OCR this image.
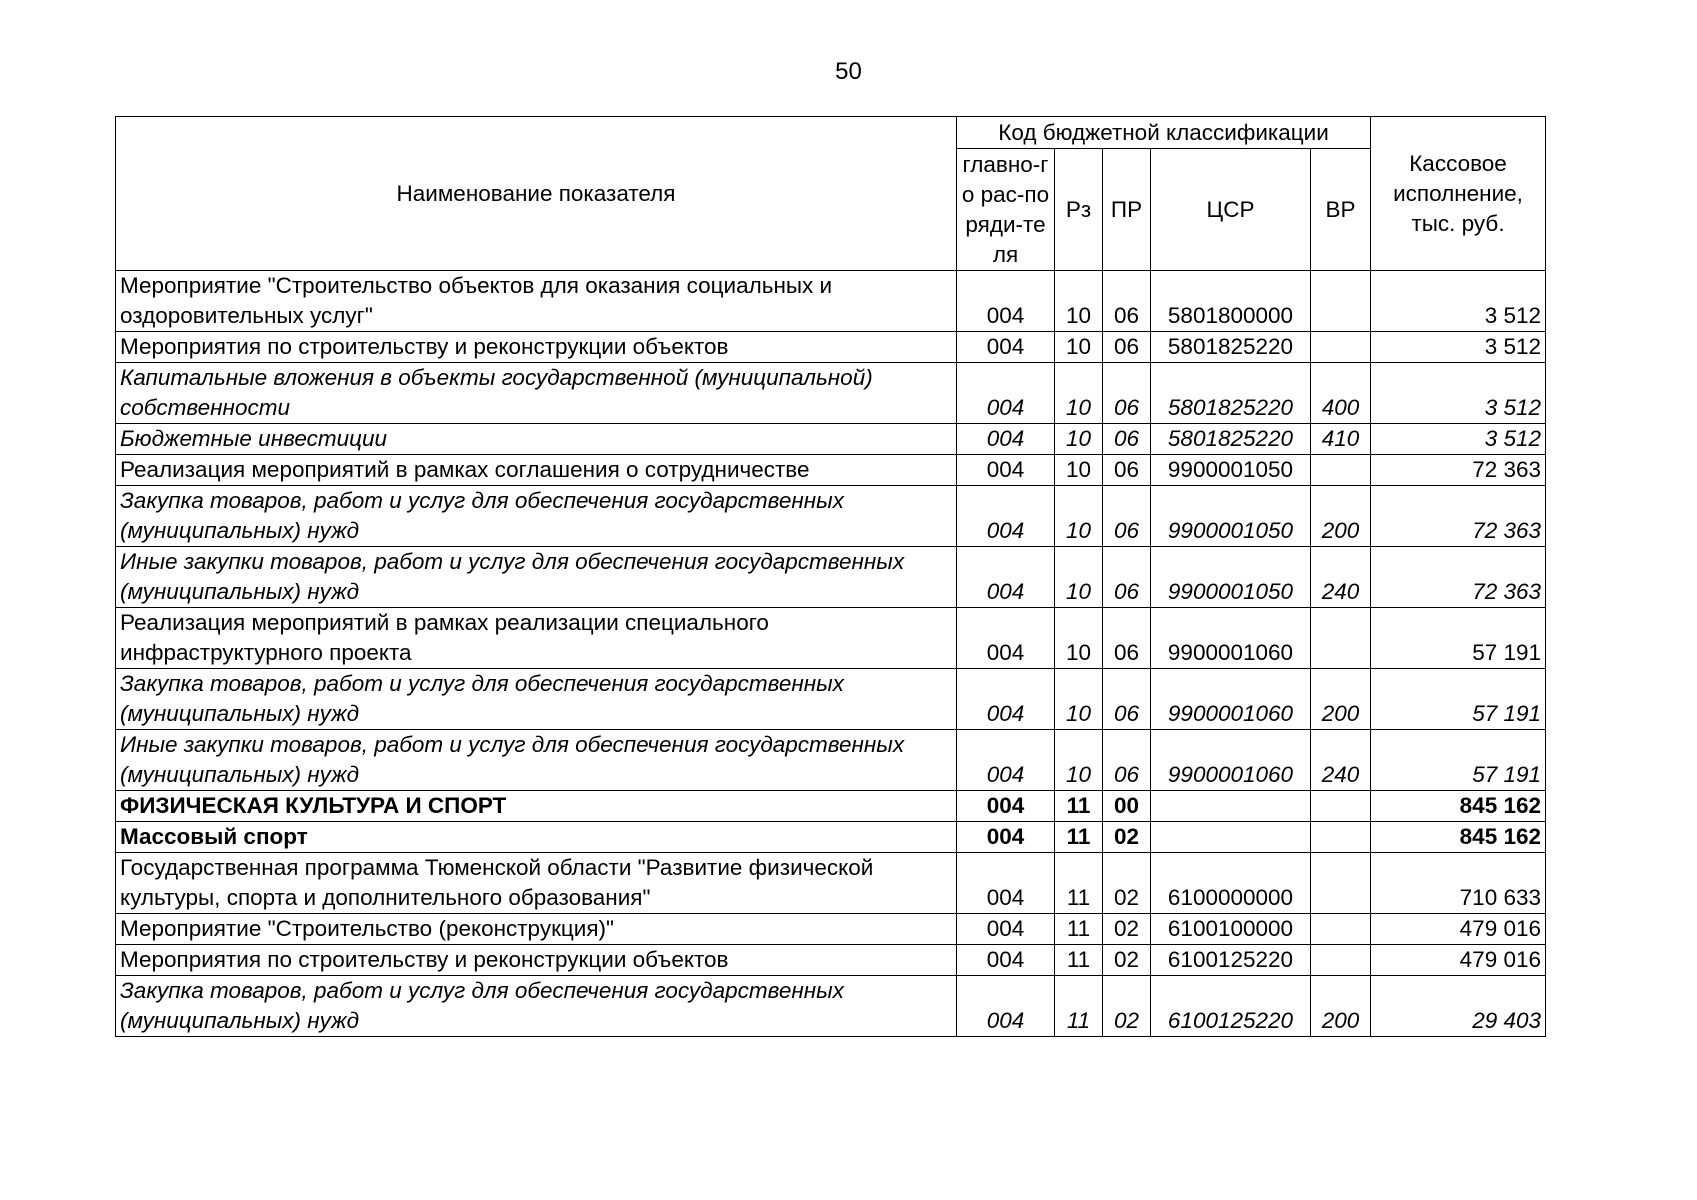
50
Наименование показателя	Код бюджетной классификации					Кассовое исполнение, тыс. руб.

	главно-го рас-поряди-теля	Рз	ПР	ЦСР	ВР	
Мероприятие "Строительство объектов для оказания социальных и оздоровительных услуг"	004	10	06	5801800000		3 512
Мероприятия по строительству и реконструкции объектов	004	10	06	5801825220		3 512
Капитальные вложения в объекты государственной (муниципальной) собственности	004	10	06	5801825220	400	3 512
Бюджетные инвестиции	004	10	06	5801825220	410	3 512
Реализация мероприятий в рамках соглашения о сотрудничестве	004	10	06	9900001050		72 363
Закупка товаров, работ и услуг для обеспечения государственных (муниципальных) нужд	004	10	06	9900001050	200	72 363
Иные закупки товаров, работ и услуг для обеспечения государственных (муниципальных) нужд	004	10	06	9900001050	240	72 363
Реализация мероприятий в рамках реализации специального инфраструктурного проекта	004	10	06	9900001060		57 191
Закупка товаров, работ и услуг для обеспечения государственных (муниципальных) нужд	004	10	06	9900001060	200	57 191
Иные закупки товаров, работ и услуг для обеспечения государственных (муниципальных) нужд	004	10	06	9900001060	240	57 191
ФИЗИЧЕСКАЯ КУЛЬТУРА И СПОРТ	004	11	00			845 162
Массовый спорт	004	11	02			845 162
Государственная программа Тюменской области "Развитие физической культуры, спорта и дополнительного образования"	004	11	02	6100000000		710 633
Мероприятие "Строительство (реконструкция)"	004	11	02	6100100000		479 016
Мероприятия по строительству и реконструкции объектов	004	11	02	6100125220		479 016
Закупка товаров, работ и услуг для обеспечения государственных (муниципальных) нужд	004	11	02	6100125220	200	29 403
